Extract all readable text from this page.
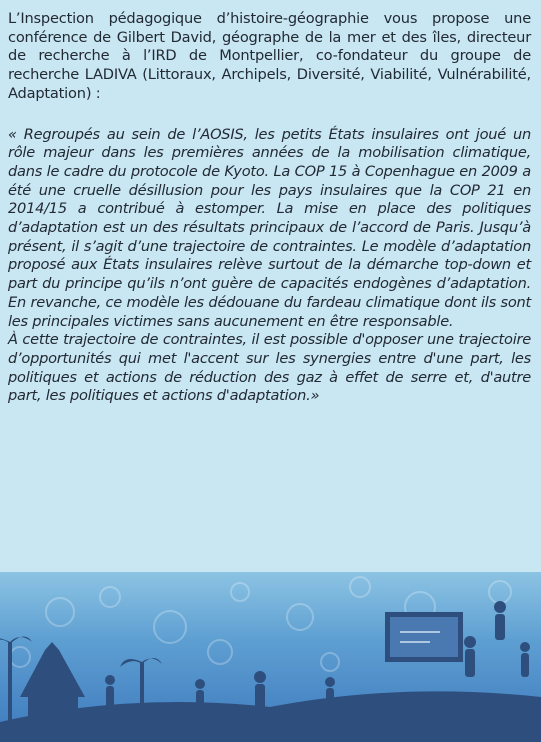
L’Inspection pédagogique d’histoire-géographie vous propose une conférence de Gilbert David, géographe de la mer et des îles, directeur de recherche à l’IRD de Montpellier, co-fondateur du groupe de recherche LADIVA (Littoraux, Archipels, Diversité, Viabilité, Vulnérabilité, Adaptation) :

« Regroupés au sein de l’AOSIS, les petits États insulaires ont joué un rôle majeur dans les premières années de la mobilisation climatique, dans le cadre du protocole de Kyoto. La COP 15 à Copenhague en 2009 a été une cruelle désillusion pour les pays insulaires que la COP 21 en 2014/15 a contribué à estomper. La mise en place des politiques d’adaptation est un des résultats principaux de l’accord de Paris. Jusqu’à présent, il s’agit d’une trajectoire de contraintes. Le modèle d’adaptation proposé aux États insulaires relève surtout de la démarche top-down et part du principe qu’ils n’ont guère de capacités endogènes d’adaptation. En revanche, ce modèle les dédouane du fardeau climatique dont ils sont les principales victimes sans aucunement en être responsable.

À cette trajectoire de contraintes, il est possible d'opposer une trajectoire d’opportunités qui met l'accent sur les synergies entre d'une part, les politiques et actions de réduction des gaz à effet de serre et, d'autre part, les politiques et actions d'adaptation.»
